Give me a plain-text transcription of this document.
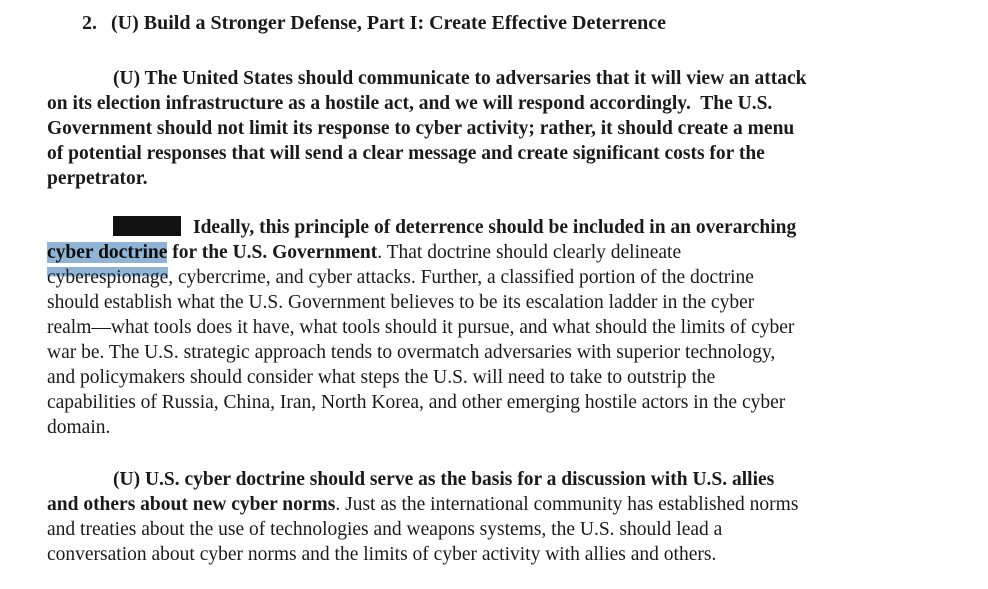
2. (U) Build a Stronger Defense, Part I: Create Effective Deterrence
(U) The United States should communicate to adversaries that it will view an attack
on its election infrastructure as a hostile act, and we will respond accordingly. The U.S.
Government should not limit its response to cyber activity; rather, it should create a menu
of potential responses that will send a clear message and create significant costs for the
perpetrator.
Ideally, this principle of deterrence should be included in an overarching
cyber doctrine for the U.S. Government. That doctrine should clearly delineate
cyberespionage, cybercrime, and cyber attacks. Further, a classified portion of the doctrine
should establish what the U.S. Government believes to be its escalation ladder in the cyber
realm—what tools does it have, what tools should it pursue, and what should the limits of cyber
war be. The U.S. strategic approach tends to overmatch adversaries with superior technology,
and policymakers should consider what steps the U.S. will need to take to outstrip the
capabilities of Russia, China, Iran, North Korea, and other emerging hostile actors in the cyber
domain.
(U) U.S. cyber doctrine should serve as the basis for a discussion with U.S. allies
and others about new cyber norms. Just as the international community has established norms
and treaties about the use of technologies and weapons systems, the U.S. should lead a
conversation about cyber norms and the limits of cyber activity with allies and others.
